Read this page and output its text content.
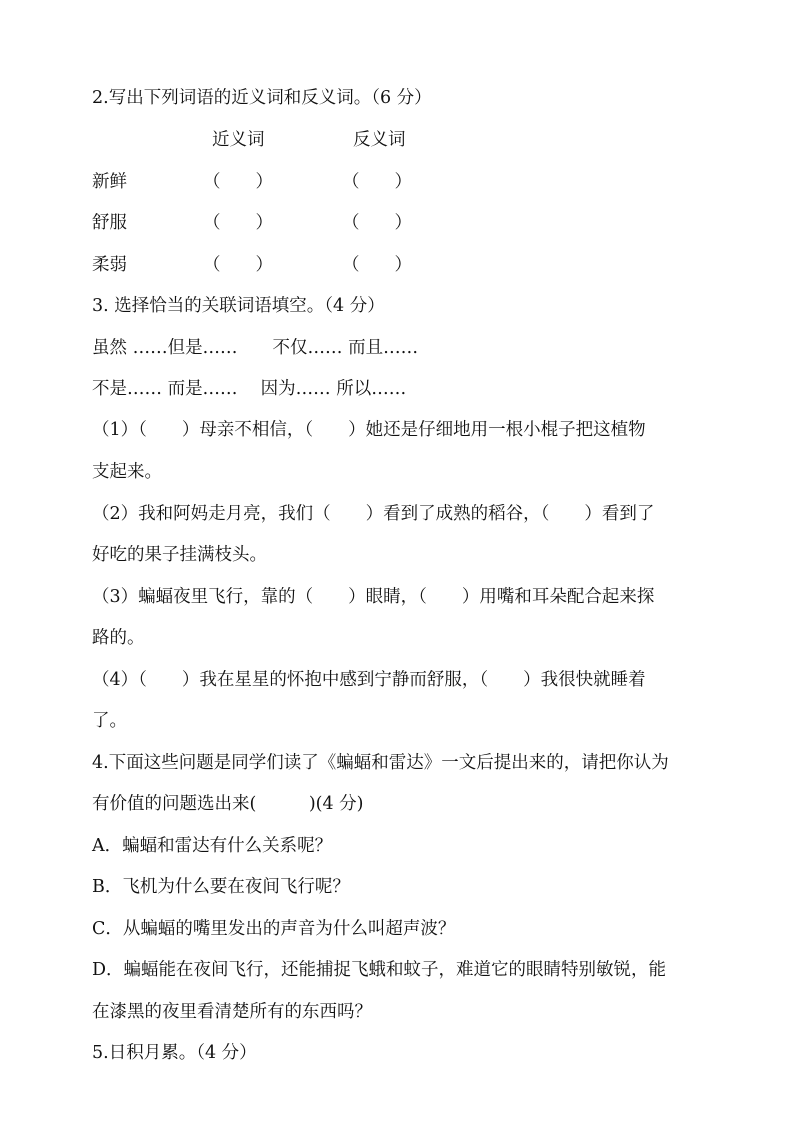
2.写出下列词语的近义词和反义词。（6 分）
近义词	反义词
新鲜	（　　）	（　　）
舒服	（　　）	（　　）
柔弱	（　　）	（　　）
3. 选择恰当的关联词语填空。（4 分）
虽然 ……但是……　　不仅…… 而且……
不是…… 而是……　 因为…… 所以……
（1）（　　）母亲不相信，（　　）她还是仔细地用一根小棍子把这植物
支起来。
（2）我和阿妈走月亮，我们（　　）看到了成熟的稻谷，（　　）看到了
好吃的果子挂满枝头。
（3）蝙蝠夜里飞行，靠的（　　）眼睛，（　　）用嘴和耳朵配合起来探
路的。
（4）（　　）我在星星的怀抱中感到宁静而舒服，（　　）我很快就睡着
了。
4.下面这些问题是同学们读了《蝙蝠和雷达》一文后提出来的，请把你认为
有价值的问题选出来(　　　)(4 分)
A．蝙蝠和雷达有什么关系呢？
B．飞机为什么要在夜间飞行呢？
C．从蝙蝠的嘴里发出的声音为什么叫超声波？
D．蝙蝠能在夜间飞行，还能捕捉飞蛾和蚊子，难道它的眼睛特别敏锐，能
在漆黑的夜里看清楚所有的东西吗？
5.日积月累。（4 分）
